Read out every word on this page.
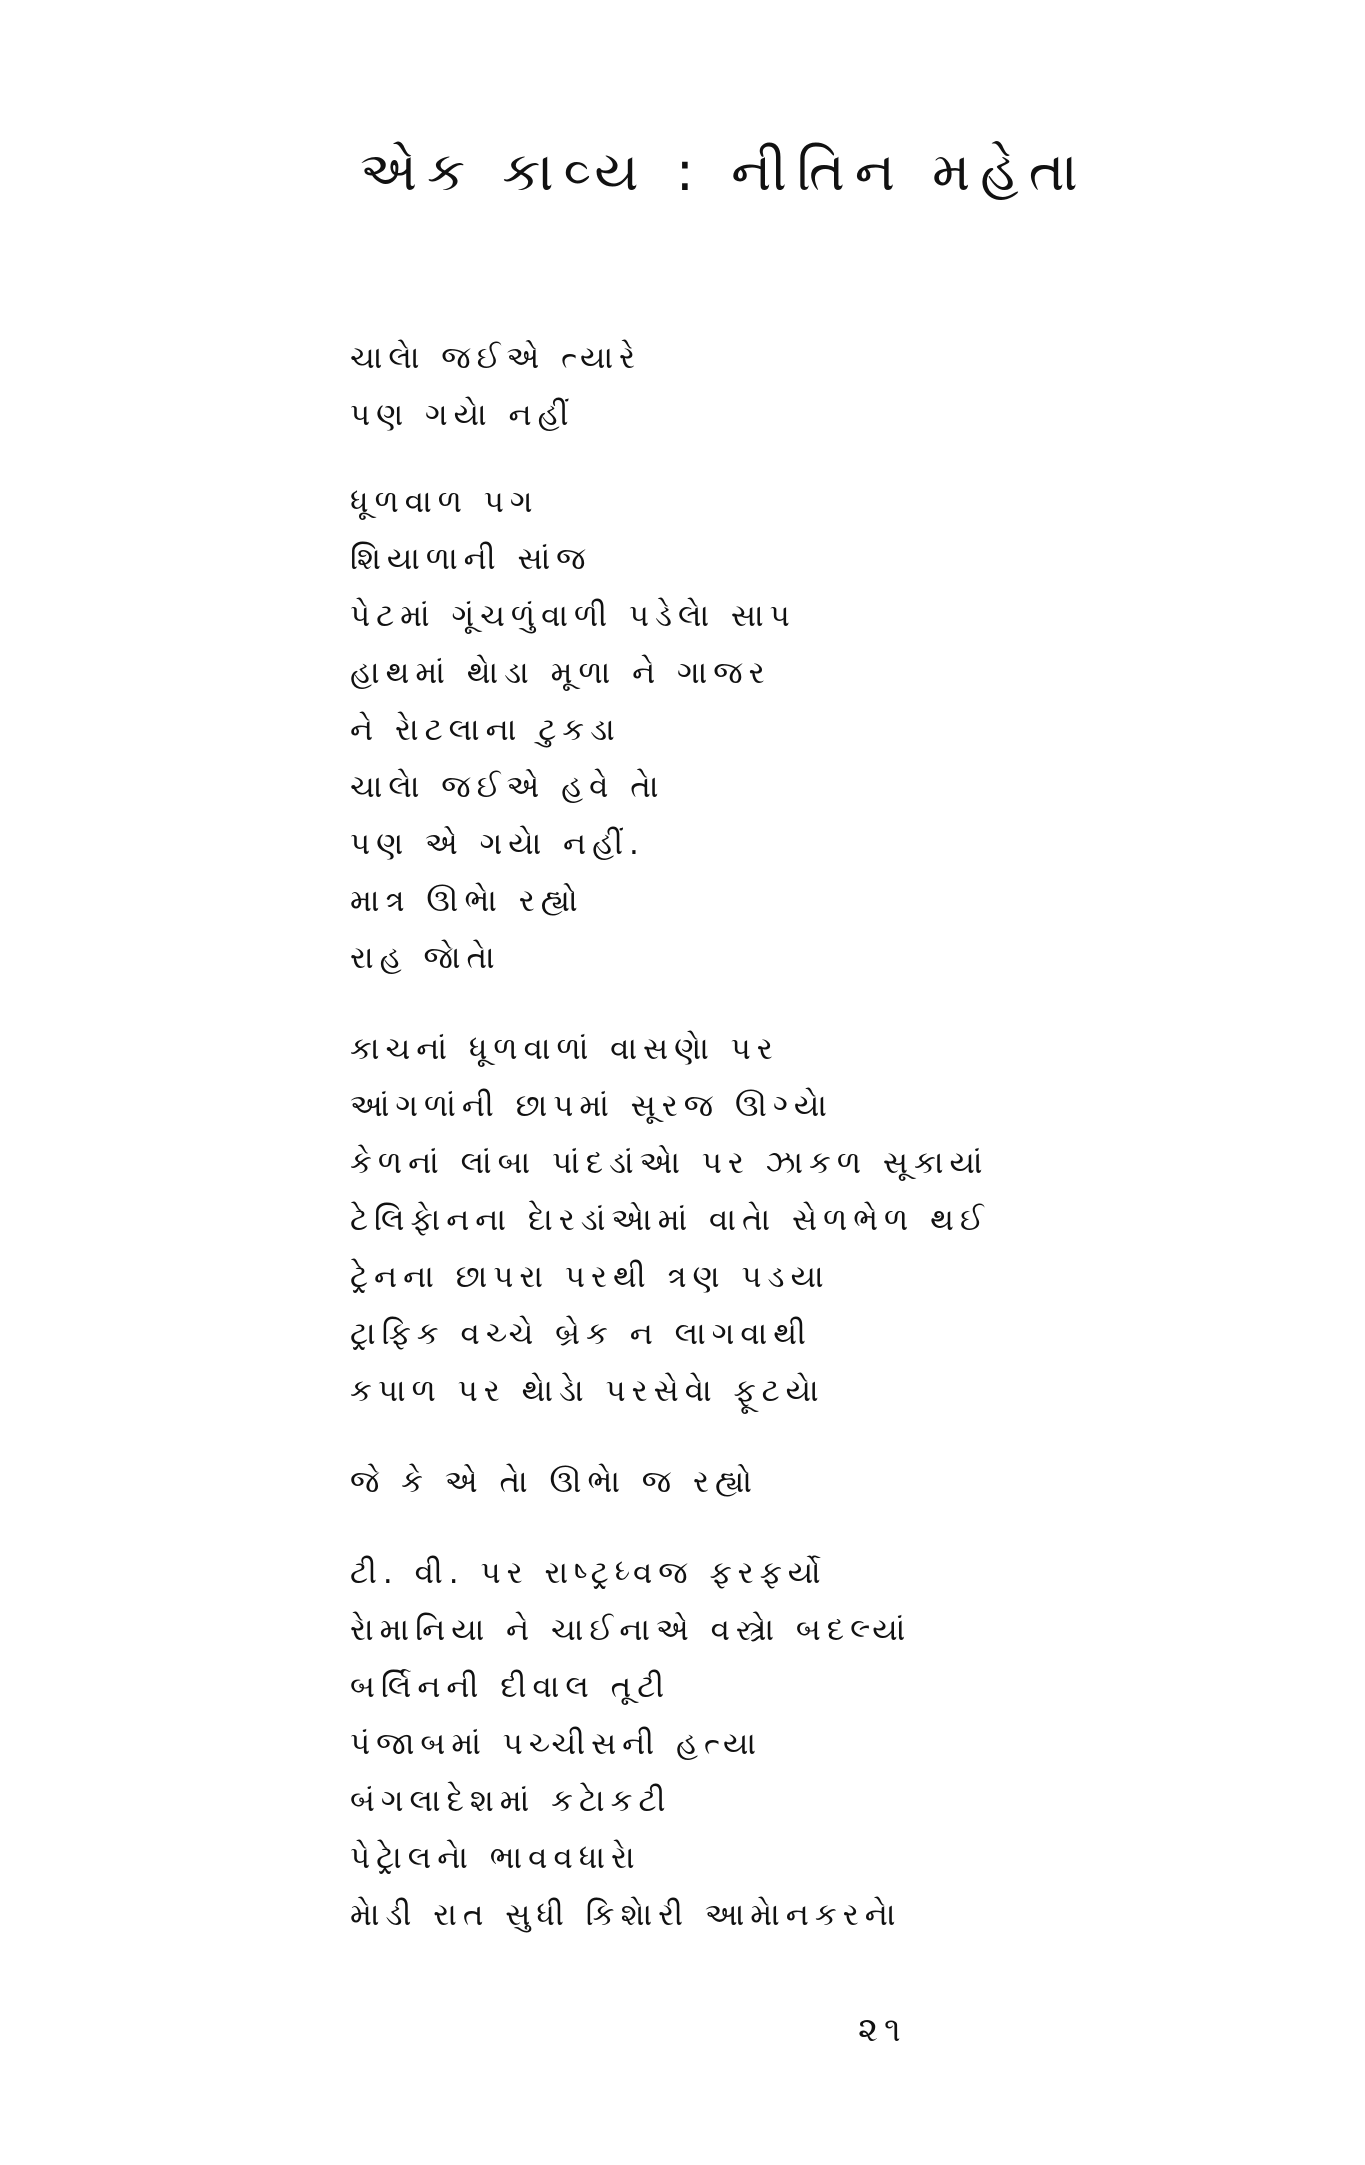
એક કાવ્ય : નીતિન મહેતા
ચાલેા જઈએ ત્યારે
પણ ગયેા નહીં
ધૂળવાળ પગ
શિયાળાની સાંજ
પેટમાં ગૂંચળુંવાળી પડેલેા સાપ
હાથમાં થેાડા મૂળા ને ગાજર
ને રેાટલાના ટુકડા
ચાલેા જઈએ હવે તેા
પણ એ ગયેા નહીં.
માત્ર ઊભેા રહ્યો
રાહ જેાતેા
કાચનાં ધૂળવાળાં વાસણેા પર
આંગળાંની છાપમાં સૂરજ ઊગ્યેા
કેળનાં લાંબા પાંદડાંએા પર ઝાકળ સૂકાયાં
ટેલિફેાનના દેારડાંએામાં વાતેા સેળભેળ થઈ
ટ્રેનના છાપરા પરથી ત્રણ પડયા
ટ્રાફિક વચ્ચે બ્રેક ન લાગવાથી
કપાળ પર થેાડેા પરસેવેા ફૂટયેા
જે કે એ તેા ઊભેા જ રહ્યો
ટી. વી. પર રાષ્ટ્રધ્વજ ફરફર્યો
રેામાનિયા ને ચાઈનાએ વસ્ત્રેા બદલ્યાં
બર્લિનની દીવાલ તૂટી
પંજાબમાં પચ્ચીસની હત્યા
બંગલાદેશમાં કટેાકટી
પેટ્રેાલનેા ભાવવધારેા
મેાડી રાત સુધી કિશેારી આમેાનકરનેા
૨૧
